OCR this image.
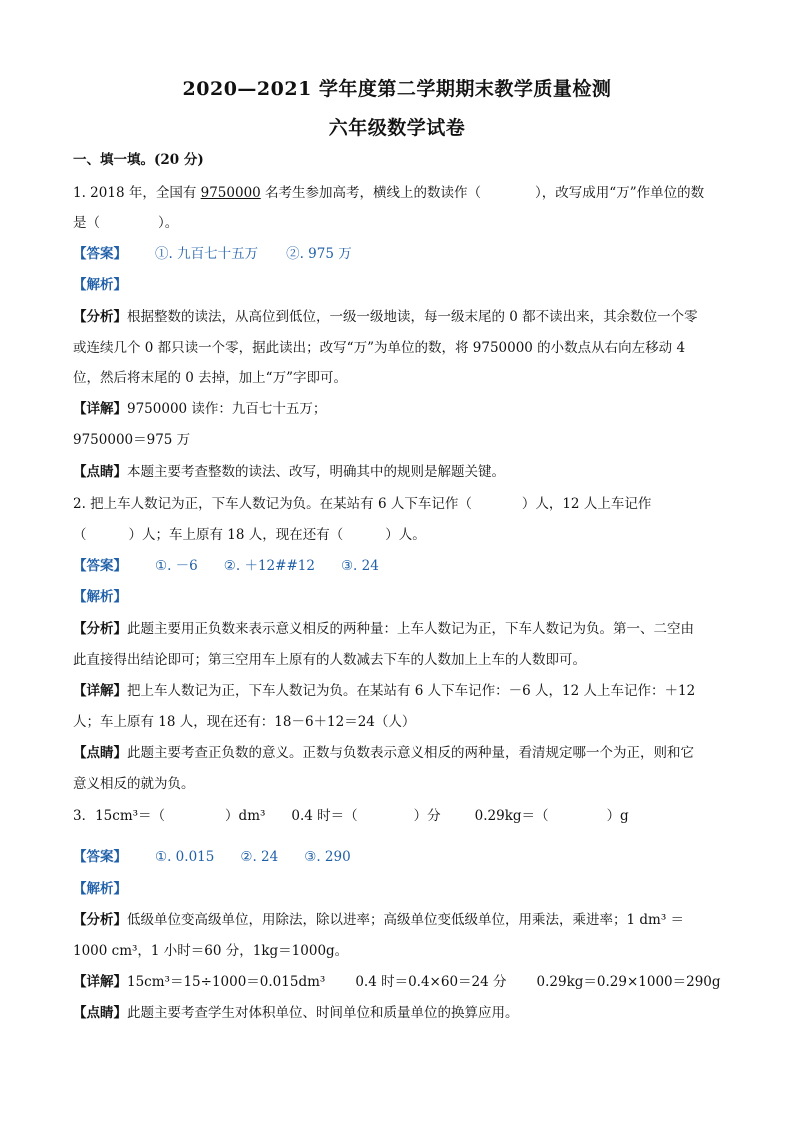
2020—2021 学年度第二学期期末教学质量检测
六年级数学试卷
一、填一填。(20 分)
1. 2018 年，全国有 9750000 名考生参加高考，横线上的数读作（	），改写成用“万”作单位的数
是（	）。
【答案】 ①. 九百七十五万 ②. 975 万
【解析】
【分析】根据整数的读法，从高位到低位，一级一级地读，每一级末尾的 0 都不读出来，其余数位一个零
或连续几个 0 都只读一个零，据此读出；改写“万”为单位的数，将 9750000 的小数点从右向左移动 4
位，然后将末尾的 0 去掉，加上“万”字即可。
【详解】9750000 读作：九百七十五万；
9750000＝975 万
【点睛】本题主要考查整数的读法、改写，明确其中的规则是解题关键。
2. 把上车人数记为正，下车人数记为负。在某站有 6 人下车记作（	）人，12 人上车记作
（	）人；车上原有 18 人，现在还有（	）人。
【答案】 ①. －6 ②. ＋12##12 ③. 24
【解析】
【分析】此题主要用正负数来表示意义相反的两种量：上车人数记为正，下车人数记为负。第一、二空由
此直接得出结论即可；第三空用车上原有的人数减去下车的人数加上上车的人数即可。
【详解】把上车人数记为正，下车人数记为负。在某站有 6 人下车记作：－6 人，12 人上车记作：＋12
人；车上原有 18 人，现在还有：18－6＋12＝24（人）
【点睛】此题主要考查正负数的意义。正数与负数表示意义相反的两种量，看清规定哪一个为正，则和它
意义相反的就为负。
3．15cm³＝（	）dm³ 0.4 时＝（	）分	0.29kg＝（	）g
【答案】 ①. 0.015 ②. 24 ③. 290
【解析】
【分析】低级单位变高级单位，用除法，除以进率；高级单位变低级单位，用乘法，乘进率；1 dm³ ＝
1000 cm³，1 小时＝60 分，1kg＝1000g。
【详解】15cm³＝15÷1000＝0.015dm³ 0.4 时＝0.4×60＝24 分 0.29kg＝0.29×1000＝290g
【点睛】此题主要考查学生对体积单位、时间单位和质量单位的换算应用。
